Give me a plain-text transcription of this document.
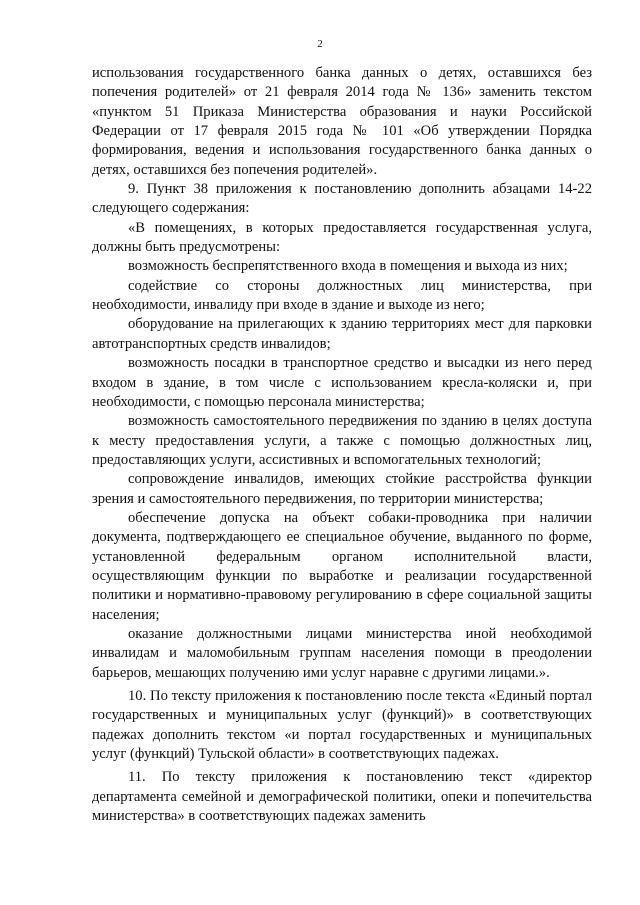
2

использования государственного банка данных о детях, оставшихся без попечения родителей» от 21 февраля 2014 года № 136» заменить текстом «пунктом 51 Приказа Министерства образования и науки Российской Федерации от 17 февраля 2015 года № 101 «Об утверждении Порядка формирования, ведения и использования государственного банка данных о детях, оставшихся без попечения родителей».

9. Пункт 38 приложения к постановлению дополнить абзацами 14-22 следующего содержания:

«В помещениях, в которых предоставляется государственная услуга, должны быть предусмотрены:

возможность беспрепятственного входа в помещения и выхода из них;

содействие со стороны должностных лиц министерства, при необходимости, инвалиду при входе в здание и выходе из него;

оборудование на прилегающих к зданию территориях мест для парковки автотранспортных средств инвалидов;

возможность посадки в транспортное средство и высадки из него перед входом в здание, в том числе с использованием кресла-коляски и, при необходимости, с помощью персонала министерства;

возможность самостоятельного передвижения по зданию в целях доступа к месту предоставления услуги, а также с помощью должностных лиц, предоставляющих услуги, ассистивных и вспомогательных технологий;

сопровождение инвалидов, имеющих стойкие расстройства функции зрения и самостоятельного передвижения, по территории министерства;

обеспечение допуска на объект собаки-проводника при наличии документа, подтверждающего ее специальное обучение, выданного по форме, установленной федеральным органом исполнительной власти, осуществляющим функции по выработке и реализации государственной политики и нормативно-правовому регулированию в сфере социальной защиты населения;

оказание должностными лицами министерства иной необходимой инвалидам и маломобильным группам населения помощи в преодолении барьеров, мешающих получению ими услуг наравне с другими лицами.».

10. По тексту приложения к постановлению после текста «Единый портал государственных и муниципальных услуг (функций)» в соответствующих падежах дополнить текстом «и портал государственных и муниципальных услуг (функций) Тульской области» в соответствующих падежах.

11. По тексту приложения к постановлению текст «директор департамента семейной и демографической политики, опеки и попечительства министерства» в соответствующих падежах заменить
